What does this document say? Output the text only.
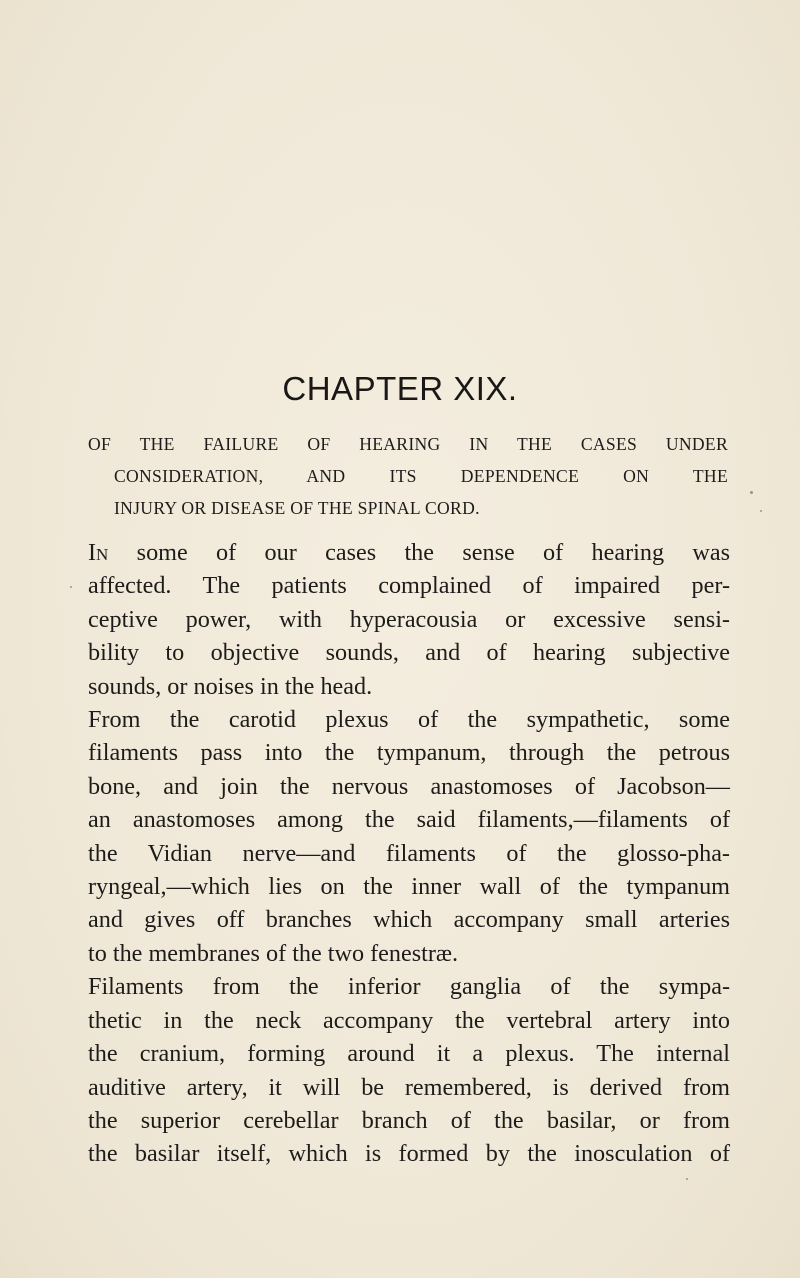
CHAPTER XIX.
OF THE FAILURE OF HEARING IN THE CASES UNDER
CONSIDERATION, AND ITS DEPENDENCE ON THE
INJURY OR DISEASE OF THE SPINAL CORD.
In some of our cases the sense of hearing was
affected. The patients complained of impaired per-
ceptive power, with hyperacousia or excessive sensi-
bility to objective sounds, and of hearing subjective
sounds, or noises in the head.
From the carotid plexus of the sympathetic, some
filaments pass into the tympanum, through the petrous
bone, and join the nervous anastomoses of Jacobson—
an anastomoses among the said filaments,—filaments of
the Vidian nerve—and filaments of the glosso-pha-
ryngeal,—which lies on the inner wall of the tympanum
and gives off branches which accompany small arteries
to the membranes of the two fenestræ.
Filaments from the inferior ganglia of the sympa-
thetic in the neck accompany the vertebral artery into
the cranium, forming around it a plexus. The internal
auditive artery, it will be remembered, is derived from
the superior cerebellar branch of the basilar, or from
the basilar itself, which is formed by the inosculation of
